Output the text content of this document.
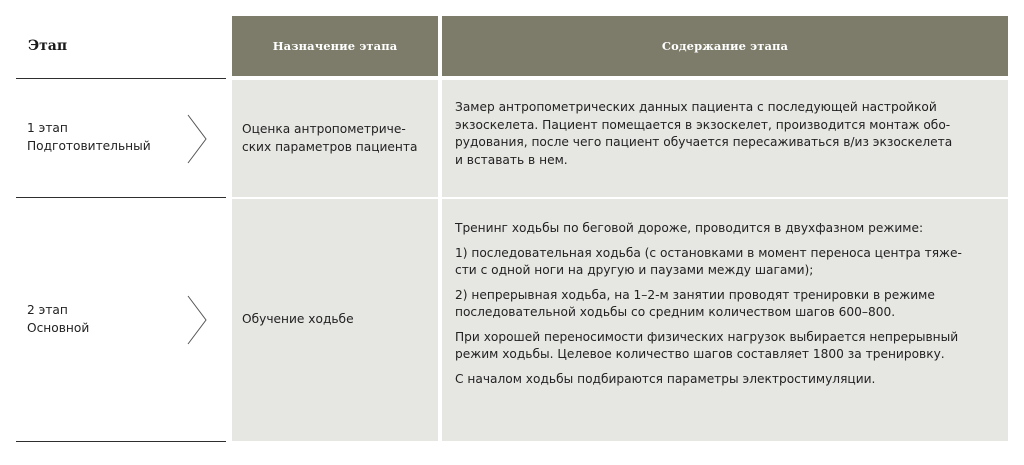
Этап	Назначение этапа	Содержание этапа
1 этап
Подготовительный
Оценка антропометриче-
ских параметров пациента
Замер антропометрических данных пациента с последующей настройкой
экзоскелета. Пациент помещается в экзоскелет, производится монтаж обо-
рудования, после чего пациент обучается пересаживаться в/из экзоскелета
и вставать в нем.
2 этап
Основной
Обучение ходьбе

Тренинг ходьбы по беговой дороже, проводится в двухфазном режиме:

1) последовательная ходьба (с остановками в момент переноса центра тяже-
сти с одной ноги на другую и паузами между шагами);

2) непрерывная ходьба, на 1–2-м занятии проводят тренировки в режиме
последовательной ходьбы со средним количеством шагов 600–800.

При хорошей переносимости физических нагрузок выбирается непрерывный
режим ходьбы. Целевое количество шагов составляет 1800 за тренировку.

С началом ходьбы подбираются параметры электростимуляции.
